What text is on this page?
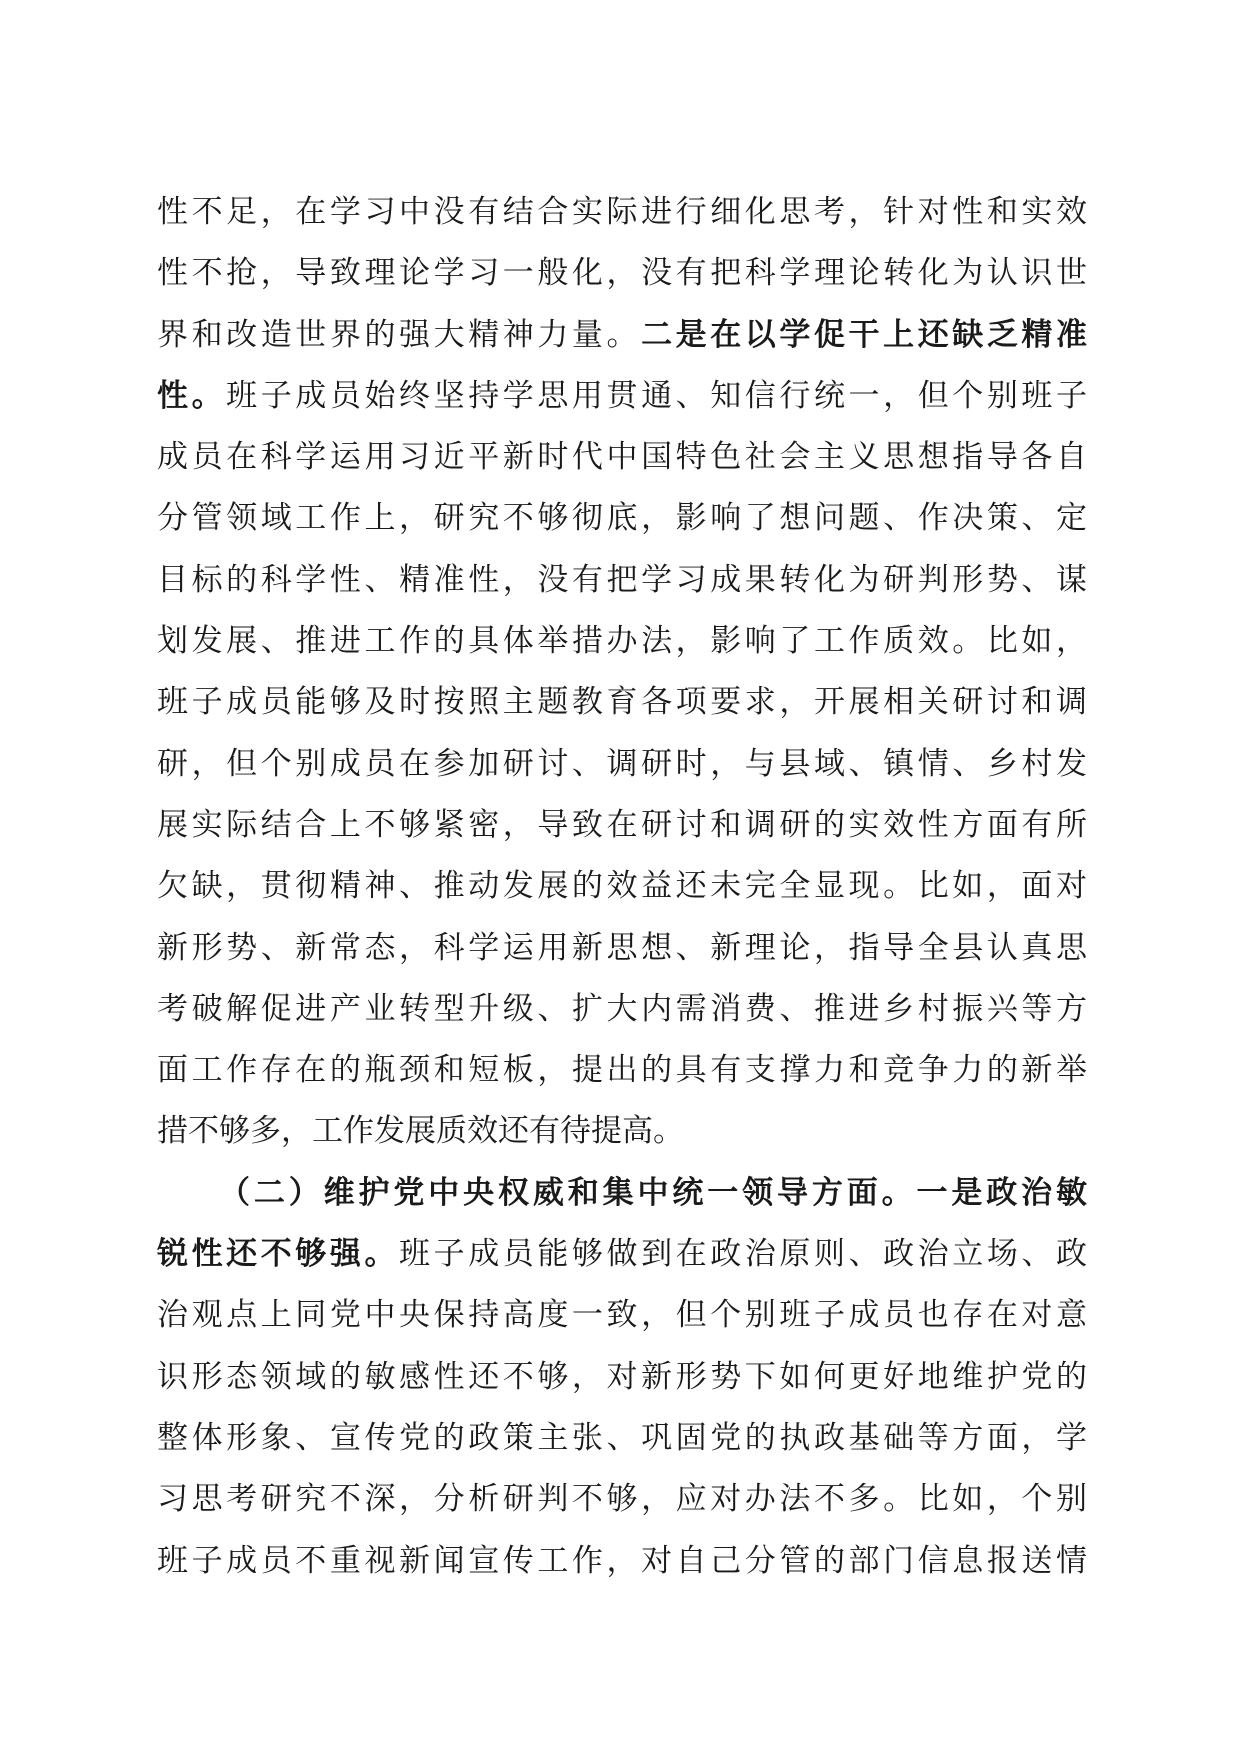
性不足，在学习中没有结合实际进行细化思考，针对性和实效
性不抢，导致理论学习一般化，没有把科学理论转化为认识世
界和改造世界的强大精神力量。二是在以学促干上还缺乏精准
性。班子成员始终坚持学思用贯通、知信行统一，但个别班子
成员在科学运用习近平新时代中国特色社会主义思想指导各自
分管领域工作上，研究不够彻底，影响了想问题、作决策、定
目标的科学性、精准性，没有把学习成果转化为研判形势、谋
划发展、推进工作的具体举措办法，影响了工作质效。比如，
班子成员能够及时按照主题教育各项要求，开展相关研讨和调
研，但个别成员在参加研讨、调研时，与县域、镇情、乡村发
展实际结合上不够紧密，导致在研讨和调研的实效性方面有所
欠缺，贯彻精神、推动发展的效益还未完全显现。比如，面对
新形势、新常态，科学运用新思想、新理论，指导全县认真思
考破解促进产业转型升级、扩大内需消费、推进乡村振兴等方
面工作存在的瓶颈和短板，提出的具有支撑力和竞争力的新举
措不够多，工作发展质效还有待提高。
（二）维护党中央权威和集中统一领导方面。一是政治敏
锐性还不够强。班子成员能够做到在政治原则、政治立场、政
治观点上同党中央保持高度一致，但个别班子成员也存在对意
识形态领域的敏感性还不够，对新形势下如何更好地维护党的
整体形象、宣传党的政策主张、巩固党的执政基础等方面，学
习思考研究不深，分析研判不够，应对办法不多。比如，个别
班子成员不重视新闻宣传工作，对自己分管的部门信息报送情
